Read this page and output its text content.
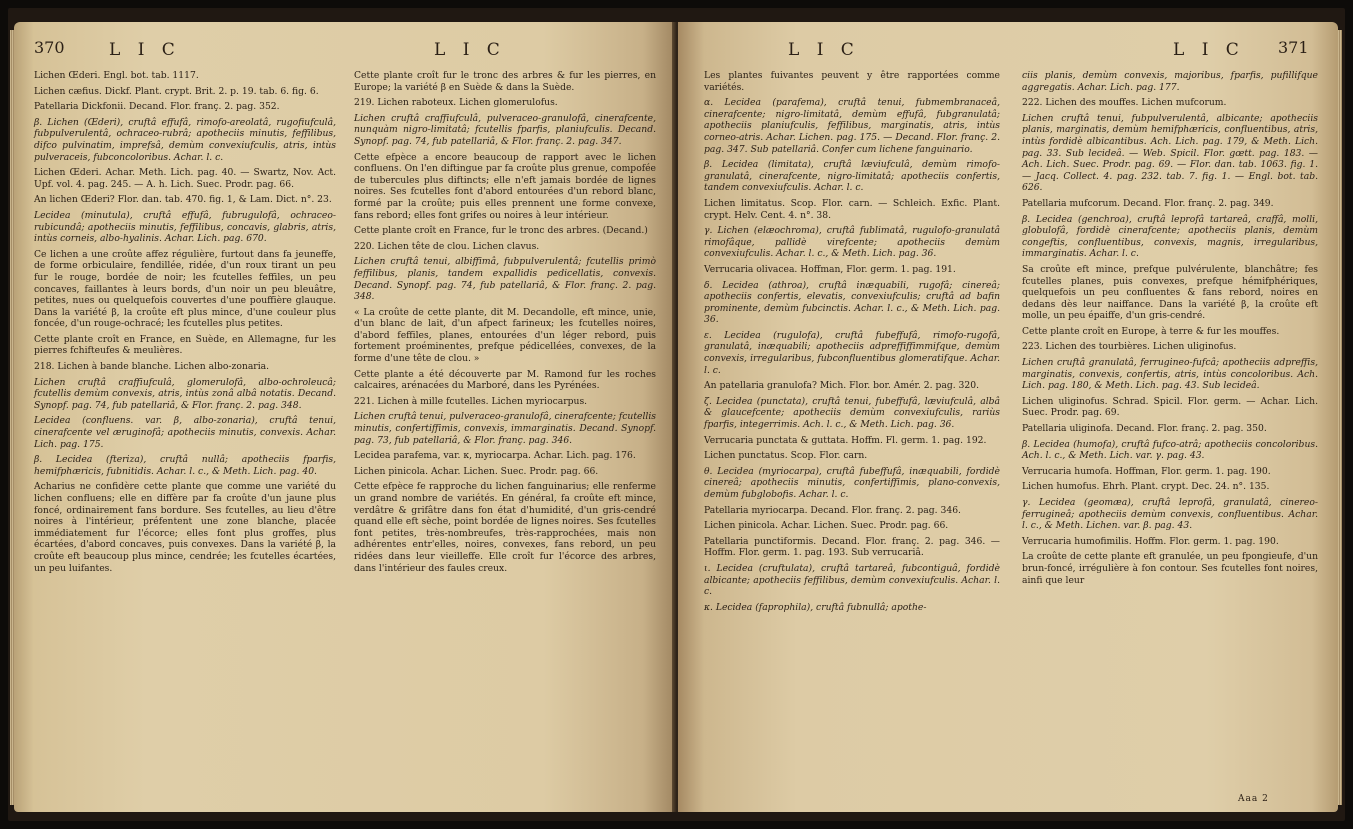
370	L I C	L I C

Lichen Œderi. Engl. bot. tab. 1117.

Lichen cæfius. Dickf. Plant. crypt. Brit. 2. p. 19. tab. 6. fig. 6.

Patellaria Dickfonii. Decand. Flor. franç. 2. pag. 352.

β. Lichen (Œderi), cruftâ effufâ, rimofo-areolatâ, rugofiufculâ, fubpulverulentâ, ochraceo-rubrâ; apotheciis minutis, feffilibus, difco pulvinatim, imprefsâ, demùm convexiufculis, atris, intùs pulveraceis, fubconcoloribus. Achar. l. c.

Lichen Œderi. Achar. Meth. Lich. pag. 40. — Swartz, Nov. Act. Upf. vol. 4. pag. 245. — A. h. Lich. Suec. Prodr. pag. 66.

An lichen Œderi? Flor. dan. tab. 470. fig. 1, & Lam. Dict. n°. 23.

Lecidea (minutula), cruftâ effufâ, fubrugulofâ, ochraceo-rubicundâ; apotheciis minutis, feffilibus, concavis, glabris, atris, intùs corneis, albo-hyalinis. Achar. Lich. pag. 670.

Ce lichen a une croûte affez régulière, furtout dans fa jeuneffe, de forme orbiculaire, fendillée, ridée, d'un roux tirant un peu fur le rouge, bordée de noir; les fcutelles feffiles, un peu concaves, faillantes à leurs bords, d'un noir un peu bleuâtre, petites, nues ou quelquefois couvertes d'une pouffière glauque. Dans la variété β, la croûte eft plus mince, d'une couleur plus foncée, d'un rouge-ochracé; les fcutelles plus petites.

Cette plante croît en France, en Suède, en Allemagne, fur les pierres fchifteufes & meulières.

218. Lichen à bande blanche. Lichen albo-zonaria.

Lichen cruftâ craffiufculâ, glomerulofâ, albo-ochroleucâ; fcutellis demùm convexis, atris, intùs zonâ albâ notatis. Decand. Synopf. pag. 74, fub patellariâ, & Flor. franç. 2. pag. 348.

Lecidea (confluens. var. β, albo-zonaria), cruftâ tenui, cinerafcente vel æruginofâ; apotheciis minutis, convexis. Achar. Lich. pag. 175.

β. Lecidea (fteriza), cruftâ nullâ; apotheciis fparfis, hemifphæricis, fubnitidis. Achar. l. c., & Meth. Lich. pag. 40.

Acharius ne confidère cette plante que comme une variété du lichen confluens; elle en diffère par fa croûte d'un jaune plus foncé, ordinairement fans bordure. Ses fcutelles, au lieu d'être noires à l'intérieur, préfentent une zone blanche, placée immédiatement fur l'écorce; elles font plus groffes, plus écartées, d'abord concaves, puis convexes. Dans la variété β, la croûte eft beaucoup plus mince, cendrée; les fcutelles écartées, un peu luifantes.

Cette plante croît fur le tronc des arbres & fur les pierres, en Europe; la variété β en Suède & dans la Suède.

219. Lichen raboteux. Lichen glomerulofus.

Lichen cruftâ craffiufculâ, pulveraceo-granulofâ, cinerafcente, nunquàm nigro-limitatâ; fcutellis fparfis, planiufculis. Decand. Synopf. pag. 74, fub patellariâ, & Flor. franç. 2. pag. 347.

Cette efpèce a encore beaucoup de rapport avec le lichen confluens. On l'en diftingue par fa croûte plus grenue, compofée de tubercules plus diftincts; elle n'eft jamais bordée de lignes noires. Ses fcutelles font d'abord entourées d'un rebord blanc, formé par la croûte; puis elles prennent une forme convexe, fans rebord; elles font grifes ou noires à leur intérieur.

Cette plante croît en France, fur le tronc des arbres. (Decand.)

220. Lichen tête de clou. Lichen clavus.

Lichen cruftâ tenui, albiffimâ, fubpulverulentâ; fcutellis primò feffilibus, planis, tandem expallidis pedicellatis, convexis. Decand. Synopf. pag. 74, fub patellariâ, & Flor. franç. 2. pag. 348.

« La croûte de cette plante, dit M. Decandolle, eft mince, unie, d'un blanc de lait, d'un afpect farineux; les fcutelles noires, d'abord feffiles, planes, entourées d'un léger rebord, puis fortement proéminentes, prefque pédicellées, convexes, de la forme d'une tête de clou. »

Cette plante a été découverte par M. Ramond fur les roches calcaires, arénacées du Marboré, dans les Pyrénées.

221. Lichen à mille fcutelles. Lichen myriocarpus.

Lichen cruftâ tenui, pulveraceo-granulofâ, cinerafcente; fcutellis minutis, confertiffimis, convexis, immarginatis. Decand. Synopf. pag. 73, fub patellariâ, & Flor. franç. pag. 346.

Lecidea parafema, var. κ, myriocarpa. Achar. Lich. pag. 176.

Lichen pinicola. Achar. Lichen. Suec. Prodr. pag. 66.

Cette efpèce fe rapproche du lichen fanguinarius; elle renferme un grand nombre de variétés. En général, fa croûte eft mince, verdâtre & grifâtre dans fon état d'humidité, d'un gris-cendré quand elle eft sèche, point bordée de lignes noires. Ses fcutelles font petites, très-nombreufes, très-rapprochées, mais non adhérentes entr'elles, noires, convexes, fans rebord, un peu ridées dans leur vieilleffe. Elle croît fur l'écorce des arbres, dans l'intérieur des faules creux.

L I C	L I C 371

Les plantes fuivantes peuvent y être rapportées comme variétés.

α. Lecidea (parafema), cruftâ tenui, fubmembranaceâ, cinerafcente; nigro-limitatâ, demùm effufâ, fubgranulatâ; apotheciis planiufculis, feffilibus, marginatis, atris, intùs corneo-atris. Achar. Lichen. pag. 175. — Decand. Flor. franç. 2. pag. 347. Sub patellariâ. Confer cum lichene fanguinario.

β. Lecidea (limitata), cruftâ læviufculâ, demùm rimofo-granulatâ, cinerafcente, nigro-limitatâ; apotheciis confertis, tandem convexiufculis. Achar. l. c.

Lichen limitatus. Scop. Flor. carn. — Schleich. Exfic. Plant. crypt. Helv. Cent. 4. n°. 38.

γ. Lichen (elæochroma), cruftâ fublimatâ, rugulofo-granulatâ rimofâque, pallidè virefcente; apotheciis demùm convexiufculis. Achar. l. c., & Meth. Lich. pag. 36.

Verrucaria olivacea. Hoffman, Flor. germ. 1. pag. 191.

δ. Lecidea (athroa), cruftâ inæquabili, rugofâ; cinereâ; apotheciis confertis, elevatis, convexiufculis; cruftâ ad bafin prominente, demùm fubcinctis. Achar. l. c., & Meth. Lich. pag. 36.

ε. Lecidea (rugulofa), cruftâ fubeffufâ, rimofo-rugofâ, granulatâ, inæquabili; apotheciis adpreffiffimmifque, demùm convexis, irregularibus, fubconfluentibus glomeratifque. Achar. l. c.

An patellaria granulofa? Mich. Flor. bor. Amér. 2. pag. 320.

ζ. Lecidea (punctata), cruftâ tenui, fubeffufâ, læviufculâ, albâ & glaucefcente; apotheciis demùm convexiufculis, rariùs fparfis, integerrimis. Ach. l. c., & Meth. Lich. pag. 36.

Verrucaria punctata & guttata. Hoffm. Fl. germ. 1. pag. 192.

Lichen punctatus. Scop. Flor. carn.

θ. Lecidea (myriocarpa), cruftâ fubeffufâ, inæquabili, fordidè cinereâ; apotheciis minutis, confertiffimis, plano-convexis, demùm fubglobofis. Achar. l. c.

Patellaria myriocarpa. Decand. Flor. franç. 2. pag. 346.

Lichen pinicola. Achar. Lichen. Suec. Prodr. pag. 66.

Patellaria punctiformis. Decand. Flor. franç. 2. pag. 346. — Hoffm. Flor. germ. 1. pag. 193. Sub verrucariâ.

ι. Lecidea (cruftulata), cruftâ tartareâ, fubcontiguâ, fordidè albicante; apotheciis feffilibus, demùm convexiufculis. Achar. l. c.

κ. Lecidea (faprophila), cruftâ fubnullâ; apothe-

ciis planis, demùm convexis, majoribus, fparfis, pufillifque aggregatis. Achar. Lich. pag. 177.

222. Lichen des mouffes. Lichen mufcorum.

Lichen cruftâ tenui, fubpulverulentâ, albicante; apotheciis planis, marginatis, demùm hemifphæricis, confluentibus, atris, intùs fordidè albicantibus. Ach. Lich. pag. 179, & Meth. Lich. pag. 33. Sub lecideâ. — Web. Spicil. Flor. gœtt. pag. 183. — Ach. Lich. Suec. Prodr. pag. 69. — Flor. dan. tab. 1063. fig. 1. — Jacq. Collect. 4. pag. 232. tab. 7. fig. 1. — Engl. bot. tab. 626.

Patellaria mufcorum. Decand. Flor. franç. 2. pag. 349.

β. Lecidea (genchroa), cruftâ leprofâ tartareâ, craffâ, molli, globulofâ, fordidè cinerafcente; apotheciis planis, demùm congeftis, confluentibus, convexis, magnis, irregularibus, immarginatis. Achar. l. c.

Sa croûte eft mince, prefque pulvérulente, blanchâtre; fes fcutelles planes, puis convexes, prefque hémifphériques, quelquefois un peu confluentes & fans rebord, noires en dedans dès leur naiffance. Dans la variété β, la croûte eft molle, un peu épaiffe, d'un gris-cendré.

Cette plante croît en Europe, à terre & fur les mouffes.

223. Lichen des tourbières. Lichen uliginofus.

Lichen cruftâ granulatâ, ferrugineo-fufcâ; apotheciis adpreffis, marginatis, convexis, confertis, atris, intùs concoloribus. Ach. Lich. pag. 180, & Meth. Lich. pag. 43. Sub lecideâ.

Lichen uliginofus. Schrad. Spicil. Flor. germ. — Achar. Lich. Suec. Prodr. pag. 69.

Patellaria uliginofa. Decand. Flor. franç. 2. pag. 350.

β. Lecidea (humofa), cruftâ fufco-atrâ; apotheciis concoloribus. Ach. l. c., & Meth. Lich. var. γ. pag. 43.

Verrucaria humofa. Hoffman, Flor. germ. 1. pag. 190.

Lichen humofus. Ehrh. Plant. crypt. Dec. 24. n°. 135.

γ. Lecidea (geomæa), cruftâ leprofâ, granulatâ, cinereo-ferrugineâ; apotheciis demùm convexis, confluentibus. Achar. l. c., & Meth. Lichen. var. β. pag. 43.

Verrucaria humofimilis. Hoffm. Flor. germ. 1. pag. 190.

La croûte de cette plante eft granulée, un peu fpongieufe, d'un brun-foncé, irrégulière à fon contour. Ses fcutelles font noires, ainfi que leur

Aaa 2
